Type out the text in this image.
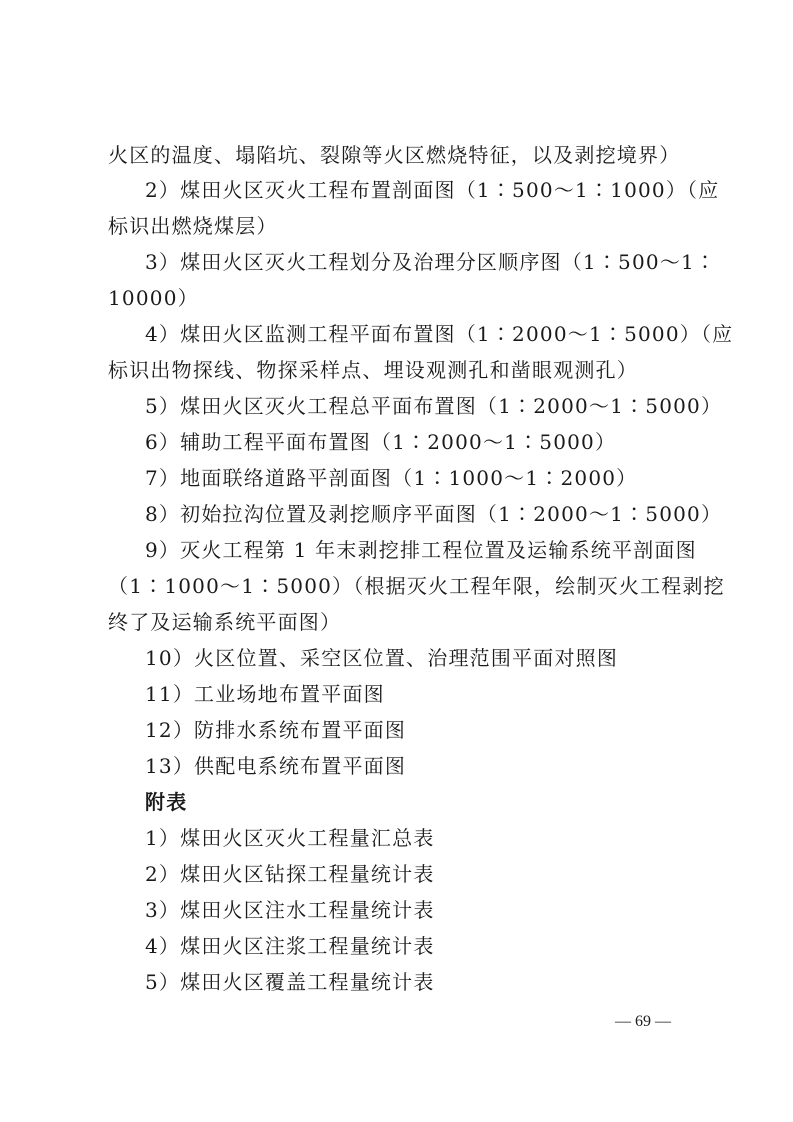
火区的温度、塌陷坑、裂隙等火区燃烧特征，以及剥挖境界）
2）煤田火区灭火工程布置剖面图（1∶500～1∶1000）（应
标识出燃烧煤层）
3）煤田火区灭火工程划分及治理分区顺序图（1∶500～1∶
10000）
4）煤田火区监测工程平面布置图（1∶2000～1∶5000）（应
标识出物探线、物探采样点、埋设观测孔和凿眼观测孔）
5）煤田火区灭火工程总平面布置图（1∶2000～1∶5000）
6）辅助工程平面布置图（1∶2000～1∶5000）
7）地面联络道路平剖面图（1∶1000～1∶2000）
8）初始拉沟位置及剥挖顺序平面图（1∶2000～1∶5000）
9）灭火工程第 1 年末剥挖排工程位置及运输系统平剖面图
（1∶1000～1∶5000）（根据灭火工程年限，绘制灭火工程剥挖
终了及运输系统平面图）
10）火区位置、采空区位置、治理范围平面对照图
11）工业场地布置平面图
12）防排水系统布置平面图
13）供配电系统布置平面图
附表
1）煤田火区灭火工程量汇总表
2）煤田火区钻探工程量统计表
3）煤田火区注水工程量统计表
4）煤田火区注浆工程量统计表
5）煤田火区覆盖工程量统计表
— 69 —
